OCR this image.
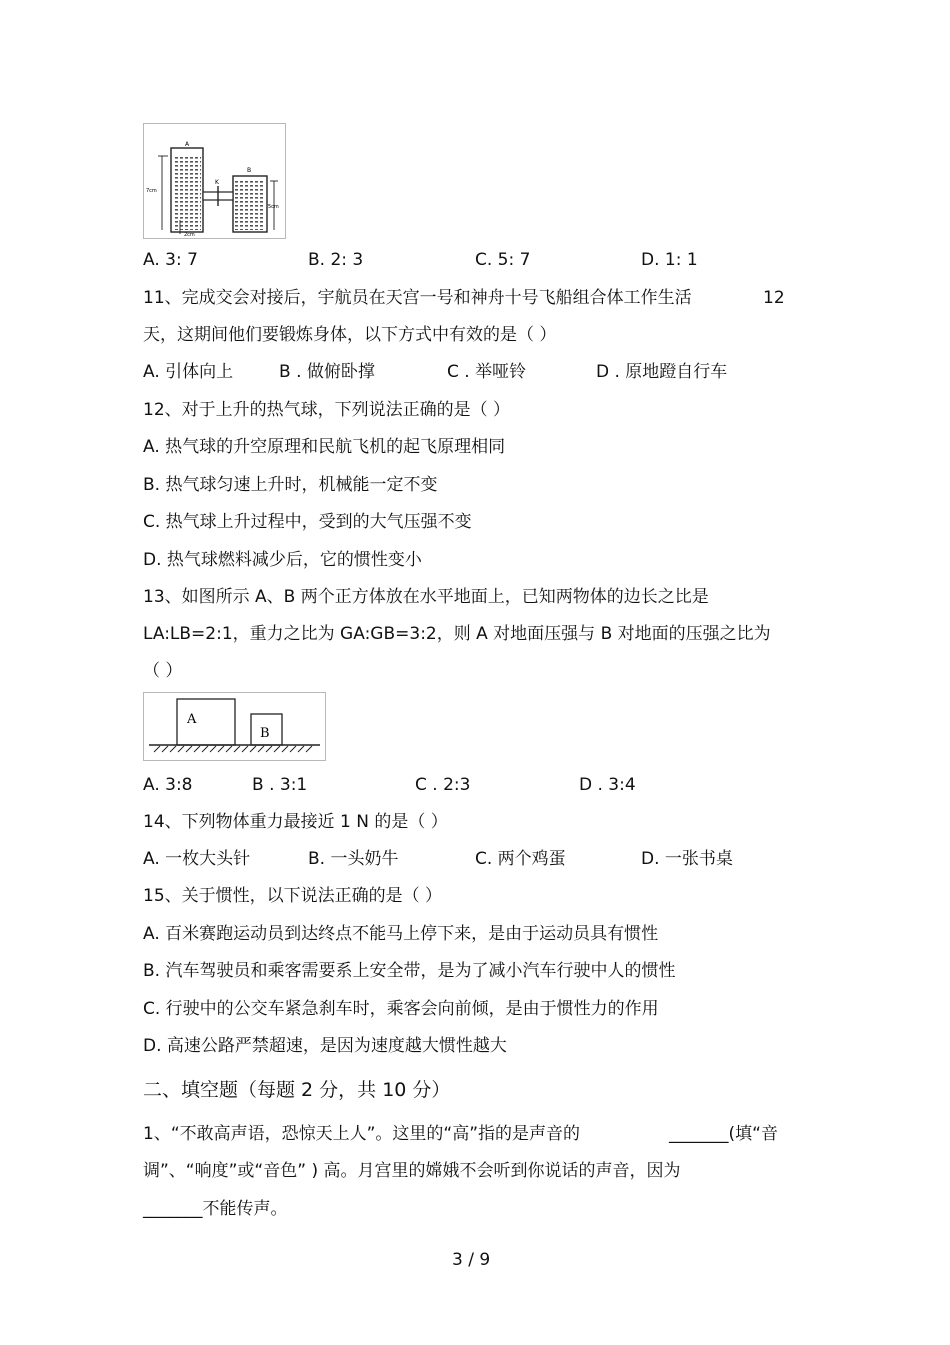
A
B
K
7cm
5cm
2cm
A. 3: 7	B. 2: 3	C. 5: 7	D. 1: 1
11、完成交会对接后，宇航员在天宫一号和神舟十号飞船组合体工作生活	12
天，这期间他们要锻炼身体，以下方式中有效的是（ ）
A. 引体向上	B . 做俯卧撑	C . 举哑铃	D . 原地蹬自行车
12、对于上升的热气球，下列说法正确的是（ ）
A. 热气球的升空原理和民航飞机的起飞原理相同
B. 热气球匀速上升时，机械能一定不变
C. 热气球上升过程中，受到的大气压强不变
D. 热气球燃料减少后，它的惯性变小
13、如图所示 A、B 两个正方体放在水平地面上，已知两物体的边长之比是
LA:LB=2:1，重力之比为 GA:GB=3:2，则 A 对地面压强与 B 对地面的压强之比为
（ ）
A
B
A. 3:8	B . 3:1	C . 2:3	D . 3:4
14、下列物体重力最接近 1 N 的是（ ）
A. 一枚大头针	B. 一头奶牛	C. 两个鸡蛋	D. 一张书桌
15、关于惯性，以下说法正确的是（ ）
A. 百米赛跑运动员到达终点不能马上停下来，是由于运动员具有惯性
B. 汽车驾驶员和乘客需要系上安全带，是为了减小汽车行驶中人的惯性
C. 行驶中的公交车紧急刹车时，乘客会向前倾，是由于惯性力的作用
D. 高速公路严禁超速，是因为速度越大惯性越大
二、填空题（每题 2 分，共 10 分）
1、“不敢高声语，恐惊天上人”。这里的“高”指的是声音的	_______(填“音
调”、“响度”或“音色” ) 高。月宫里的嫦娥不会听到你说话的声音，因为
_______不能传声。
3 / 9
